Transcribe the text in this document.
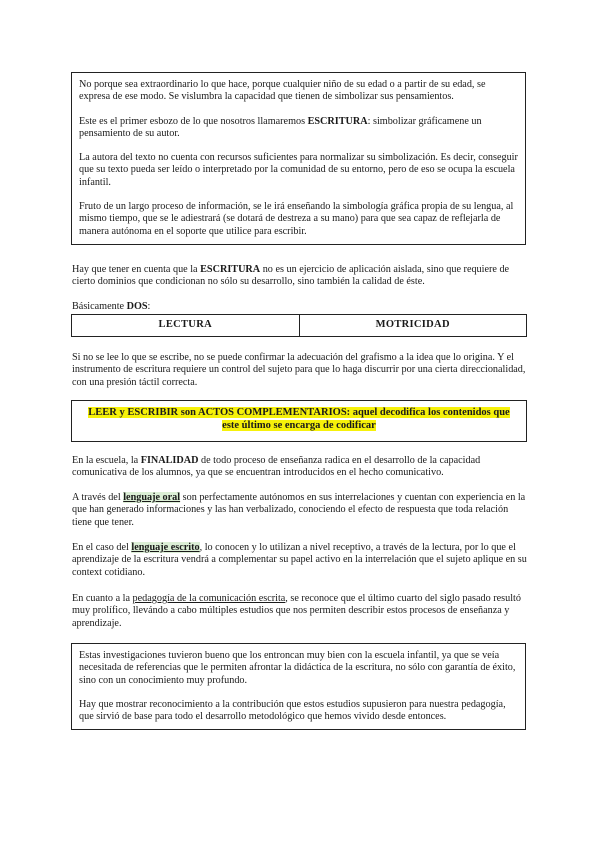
No porque sea extraordinario lo que hace, porque cualquier niño de su edad o a partir de su edad, se expresa de ese modo. Se vislumbra la capacidad que tienen de simbolizar sus pensamientos.

Este es el primer esbozo de lo que nosotros llamaremos ESCRITURA: simbolizar gráficamene un pensamiento de su autor.

La autora del texto no cuenta con recursos suficientes para normalizar su simbolización. Es decir, conseguir que su texto pueda ser leído o interpretado por la comunidad de su entorno, pero de eso se ocupa la escuela infantil.

Fruto de un largo proceso de información, se le irá enseñando la simbología gráfica propia de su lengua, al mismo tiempo, que se le adiestrará (se dotará de destreza a su mano) para que sea capaz de reflejarla de manera autónoma en el soporte que utilice para escribir.

Hay que tener en cuenta que la ESCRITURA no es un ejercicio de aplicación aislada, sino que requiere de cierto dominios que condicionan no sólo su desarrollo, sino también la calidad de éste.

Básicamente DOS:

LECTURA	MOTRICIDAD

Si no se lee lo que se escribe, no se puede confirmar la adecuación del grafismo a la idea que lo origina. Y el instrumento de escritura requiere un control del sujeto para que lo haga discurrir por una cierta direccionalidad, con una presión táctil correcta.

LEER y ESCRIBIR son ACTOS COMPLEMENTARIOS: aquel decodifica los contenidos que este último se encarga de codificar

En la escuela, la FINALIDAD de todo proceso de enseñanza radica en el desarrollo de la capacidad comunicativa de los alumnos, ya que se encuentran introducidos en el hecho comunicativo.

A través del lenguaje oral son perfectamente autónomos en sus interrelaciones y cuentan con experiencia en la que han generado informaciones y las han verbalizado, conociendo el efecto de respuesta que toda relación tiene que tener.

En el caso del lenguaje escrito, lo conocen y lo utilizan a nivel receptivo, a través de la lectura, por lo que el aprendizaje de la escritura vendrá a complementar su papel activo en la interrelación que el sujeto aplique en su context cotidiano.

En cuanto a la pedagogía de la comunicación escrita, se reconoce que el último cuarto del siglo pasado resultó muy prolífico, llevándo a cabo múltiples estudios que nos permiten describir estos procesos de enseñanza y aprendizaje.

Estas investigaciones tuvieron bueno que los entroncan muy bien con la escuela infantil, ya que se veía necesitada de referencias que le permiten afrontar la didáctica de la escritura, no sólo con garantía de éxito, sino con un conocimiento muy profundo.

Hay que mostrar reconocimiento a la contribución que estos estudios supusieron para nuestra pedagogía, que sirvió de base para todo el desarrollo metodológico que hemos vivido desde entonces.
